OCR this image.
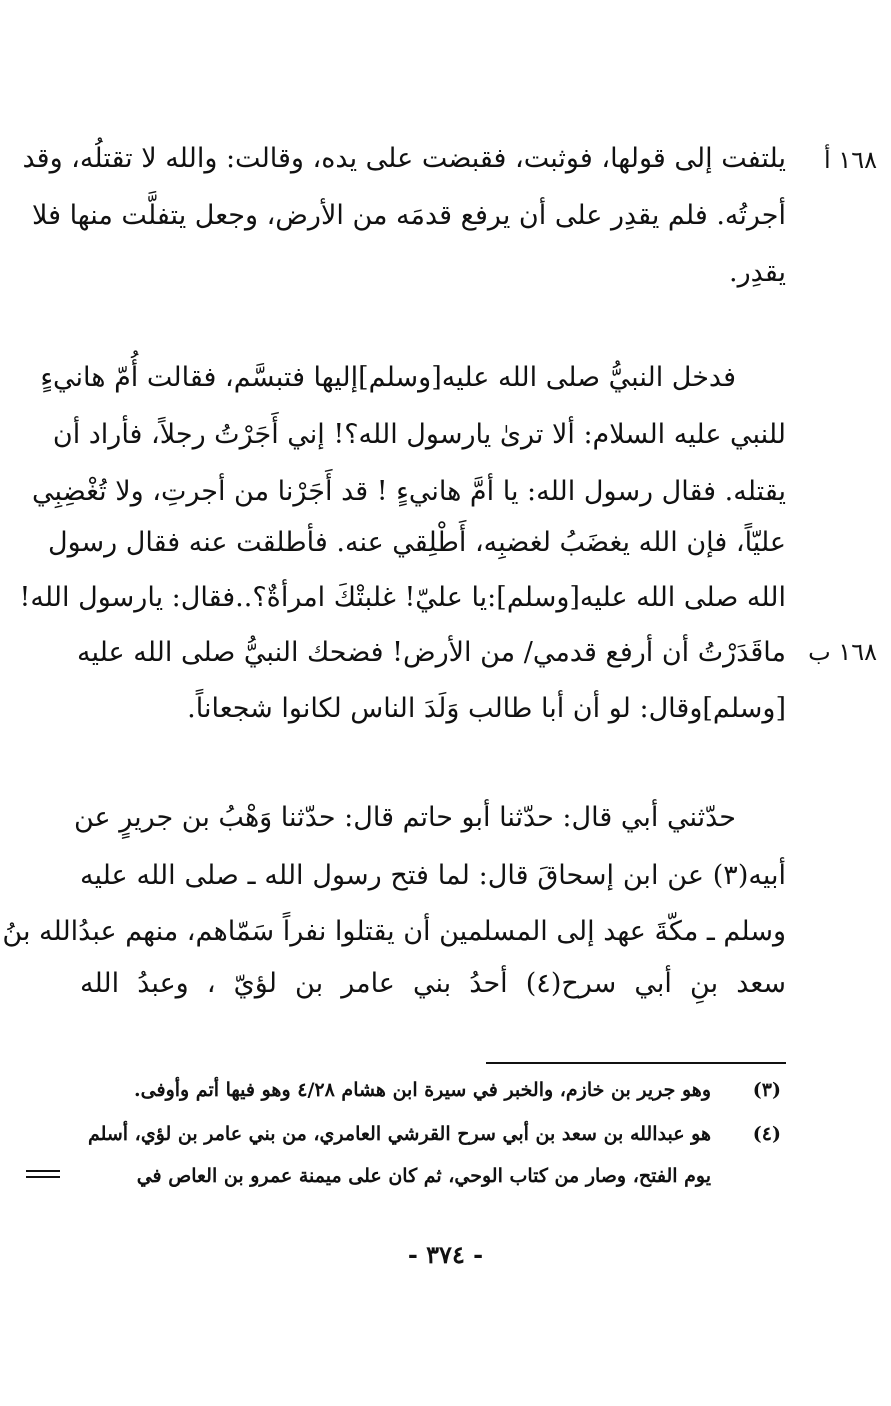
١٦٨ أ
١٦٨ ب
يلتفت إلى قولها، فوثبت، فقبضت على يده، وقالت: والله لا تقتلُه، وقد
أجرتُه. فلم يقدِر على أن يرفع قدمَه من الأرض، وجعل يتفلَّت منها فلا
يقدِر.
فدخل النبيُّ صلى الله عليه[وسلم]إليها فتبسَّم، فقالت أُمّ هانيءٍ
للنبي عليه السلام: ألا ترىٰ يارسول الله؟! إني أَجَرْتُ رجلاً، فأراد أن
يقتله. فقال رسول الله: يا أمَّ هانيءٍ ! قد أَجَرْنا من أجرتِ، ولا تُغْضِبِي
عليّاً، فإن الله يغضَبُ لغضبِه، أَطْلِقي عنه. فأطلقت عنه فقال رسول
الله صلى الله عليه[وسلم]:يا عليّ! غلبتْكَ امرأةٌ؟..فقال: يارسول الله!
ماقَدَرْتُ أن أرفع قدمي/ من الأرض! فضحك النبيُّ صلى الله عليه
[وسلم]وقال: لو أن أبا طالب وَلَدَ الناس لكانوا شجعاناً.
حدّثني أبي قال: حدّثنا أبو حاتم قال: حدّثنا وَهْبُ بن جريرٍ عن
أبيه(٣) عن ابن إسحاقَ قال: لما فتح رسول الله ـ صلى الله عليه
وسلم ـ مكّةَ عهد إلى المسلمين أن يقتلوا نفراً سَمّاهم، منهم عبدُالله بنُ
سعد بنِ أبي سرح(٤) أحدُ بني عامر بن لؤيّ ، وعبدُ الله
(٣)
وهو جرير بن خازم، والخبر في سيرة ابن هشام ٤/٢٨ وهو فيها أتم وأوفى.
(٤)
هو عبدالله بن سعد بن أبي سرح القرشي العامري، من بني عامر بن لؤي، أسلم
يوم الفتح، وصار من كتاب الوحي، ثم كان على ميمنة عمرو بن العاص في
- ٣٧٤ -
